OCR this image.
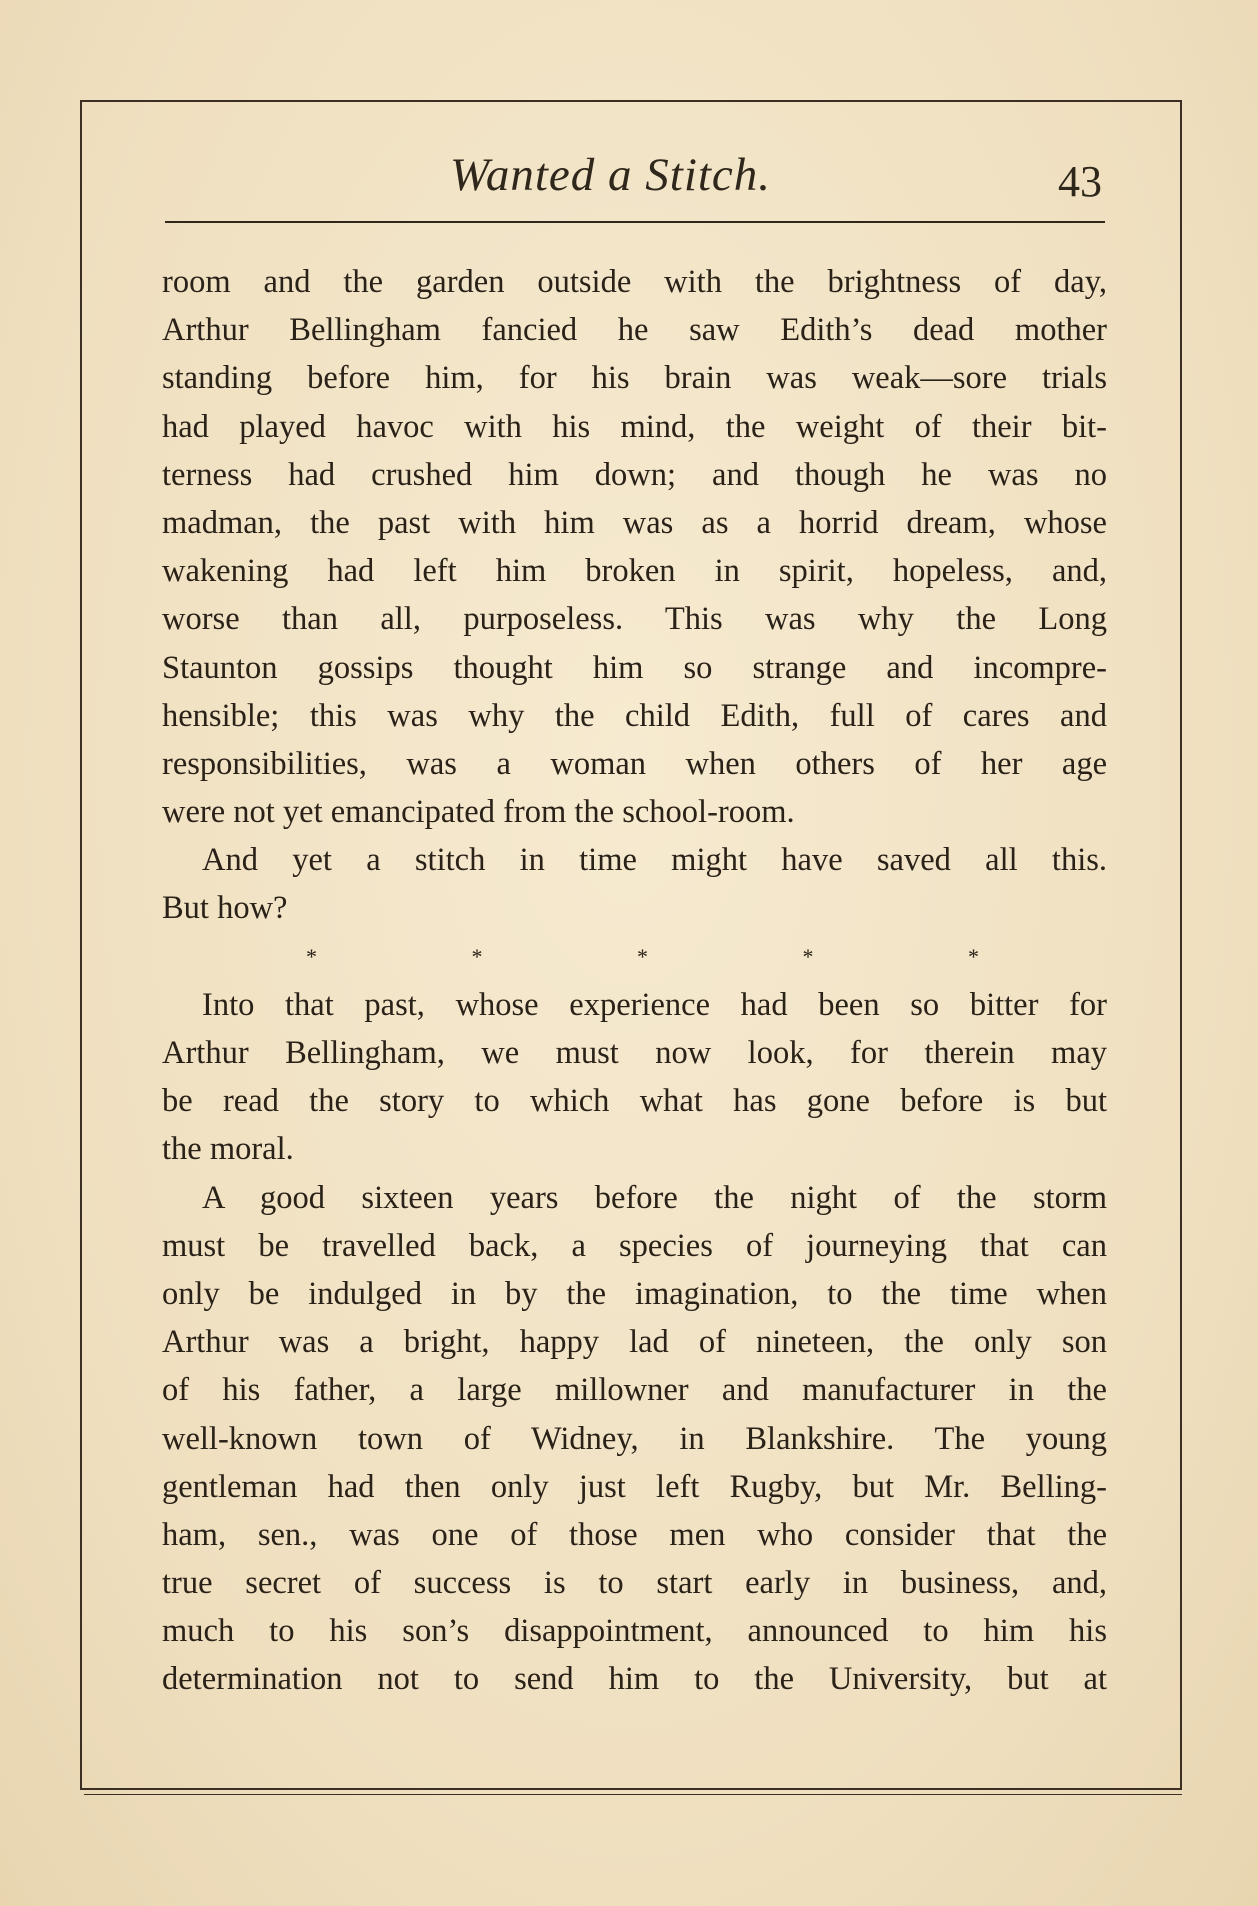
Wanted a Stitch.	43
room and the garden outside with the brightness of day,
Arthur Bellingham fancied he saw Edith’s dead mother
standing before him, for his brain was weak—sore trials
had played havoc with his mind, the weight of their bit-
terness had crushed him down; and though he was no
madman, the past with him was as a horrid dream, whose
wakening had left him broken in spirit, hopeless, and,
worse than all, purposeless. This was why the Long
Staunton gossips thought him so strange and incompre-
hensible; this was why the child Edith, full of cares and
responsibilities, was a woman when others of her age
were not yet emancipated from the school-room.
And yet a stitch in time might have saved all this.
But how?
*	*	*	*	*
Into that past, whose experience had been so bitter for
Arthur Bellingham, we must now look, for therein may
be read the story to which what has gone before is but
the moral.
A good sixteen years before the night of the storm
must be travelled back, a species of journeying that can
only be indulged in by the imagination, to the time when
Arthur was a bright, happy lad of nineteen, the only son
of his father, a large millowner and manufacturer in the
well-known town of Widney, in Blankshire. The young
gentleman had then only just left Rugby, but Mr. Belling-
ham, sen., was one of those men who consider that the
true secret of success is to start early in business, and,
much to his son’s disappointment, announced to him his
determination not to send him to the University, but at
